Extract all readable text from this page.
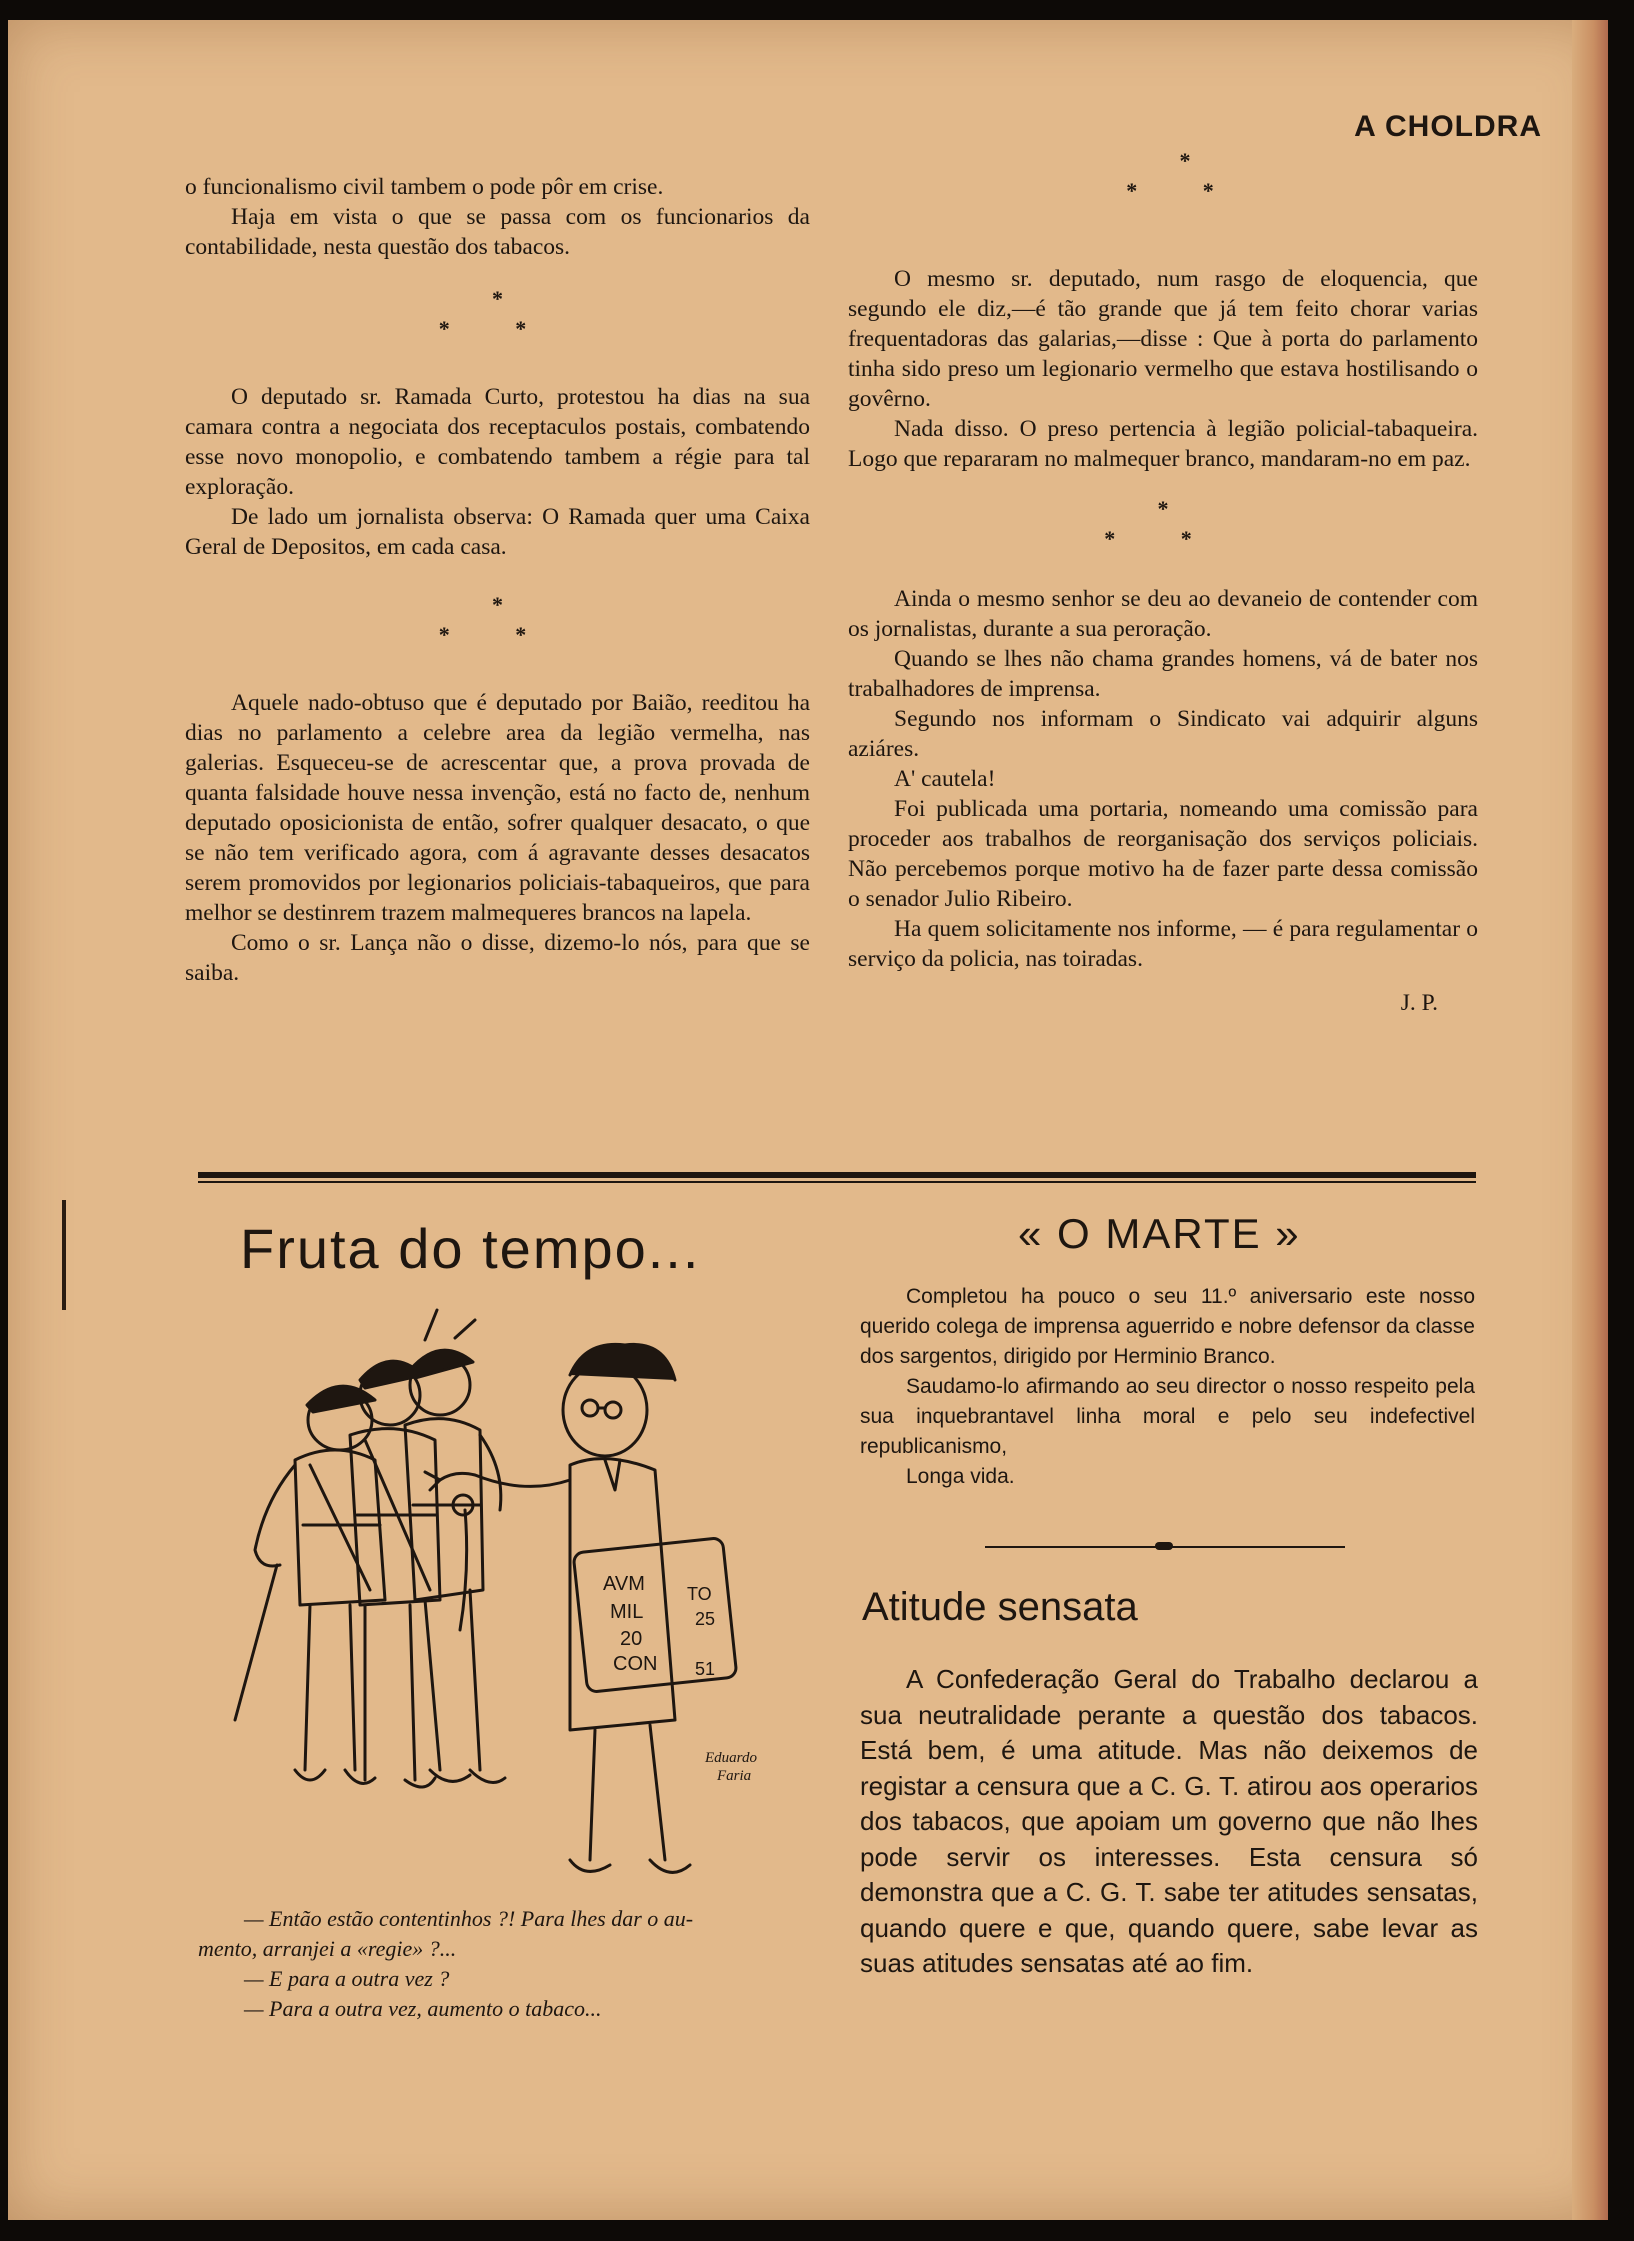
A CHOLDRA

o funcionalismo civil tambem o pode pôr em crise.

Haja em vista o que se passa com os funcionarios da contabilidade, nesta questão dos tabacos.

*
* *

O deputado sr. Ramada Curto, protestou ha dias na sua camara contra a negociata dos receptaculos postais, combatendo esse novo monopolio, e combatendo tambem a régie para tal exploração.

De lado um jornalista observa: O Ramada quer uma Caixa Geral de Depositos, em cada casa.

*
* *

Aquele nado-obtuso que é deputado por Baião, reeditou ha dias no parlamento a celebre area da legião vermelha, nas galerias. Esqueceu-se de acrescentar que, a prova provada de quanta falsidade houve nessa invenção, está no facto de, nenhum deputado oposicionista de então, sofrer qualquer desacato, o que se não tem verificado agora, com á agravante desses desacatos serem promovidos por legionarios policiais-tabaqueiros, que para melhor se destinrem trazem malmequeres brancos na lapela.

Como o sr. Lança não o disse, dizemo-lo nós, para que se saiba.

*
* *

O mesmo sr. deputado, num rasgo de eloquencia, que segundo ele diz,—é tão grande que já tem feito chorar varias frequentadoras das galarias,—disse : Que à porta do parlamento tinha sido preso um legionario vermelho que estava hostilisando o govêrno.

Nada disso. O preso pertencia à legião policial-tabaqueira. Logo que repararam no malmequer branco, mandaram-no em paz.

*
* *

Ainda o mesmo senhor se deu ao devaneio de contender com os jornalistas, durante a sua peroração.

Quando se lhes não chama grandes homens, vá de bater nos trabalhadores de imprensa.

Segundo nos informam o Sindicato vai adquirir alguns aziáres.

A' cautela!

Foi publicada uma portaria, nomeando uma comissão para proceder aos trabalhos de reorganisação dos serviços policiais. Não percebemos porque motivo ha de fazer parte dessa comissão o senador Julio Ribeiro.

Ha quem solicitamente nos informe, — é para regulamentar o serviço da policia, nas toiradas.

J. P.
Fruta do tempo...
AVM
MIL
20
CON
TO
25
51
Eduardo
Faria
— Então estão contentinhos ?! Para lhes dar o au-
mento, arranjei a «regie» ?...
— E para a outra vez ?
— Para a outra vez, aumento o tabaco...
« O MARTE »

Completou ha pouco o seu 11.º aniversario este nosso querido colega de imprensa aguerrido e nobre defensor da classe dos sargentos, dirigido por Herminio Branco.

Saudamo-lo afirmando ao seu director o nosso respeito pela sua inquebrantavel linha moral e pelo seu indefectivel republicanismo,

Longa vida.

Atitude sensata

A Confederação Geral do Trabalho declarou a sua neutralidade perante a questão dos tabacos. Está bem, é uma atitude. Mas não deixemos de registar a censura que a C. G. T. atirou aos operarios dos tabacos, que apoiam um governo que não lhes pode servir os interesses. Esta censura só demonstra que a C. G. T. sabe ter atitudes sensatas, quando quere e que, quando quere, sabe levar as suas atitudes sensatas até ao fim.
